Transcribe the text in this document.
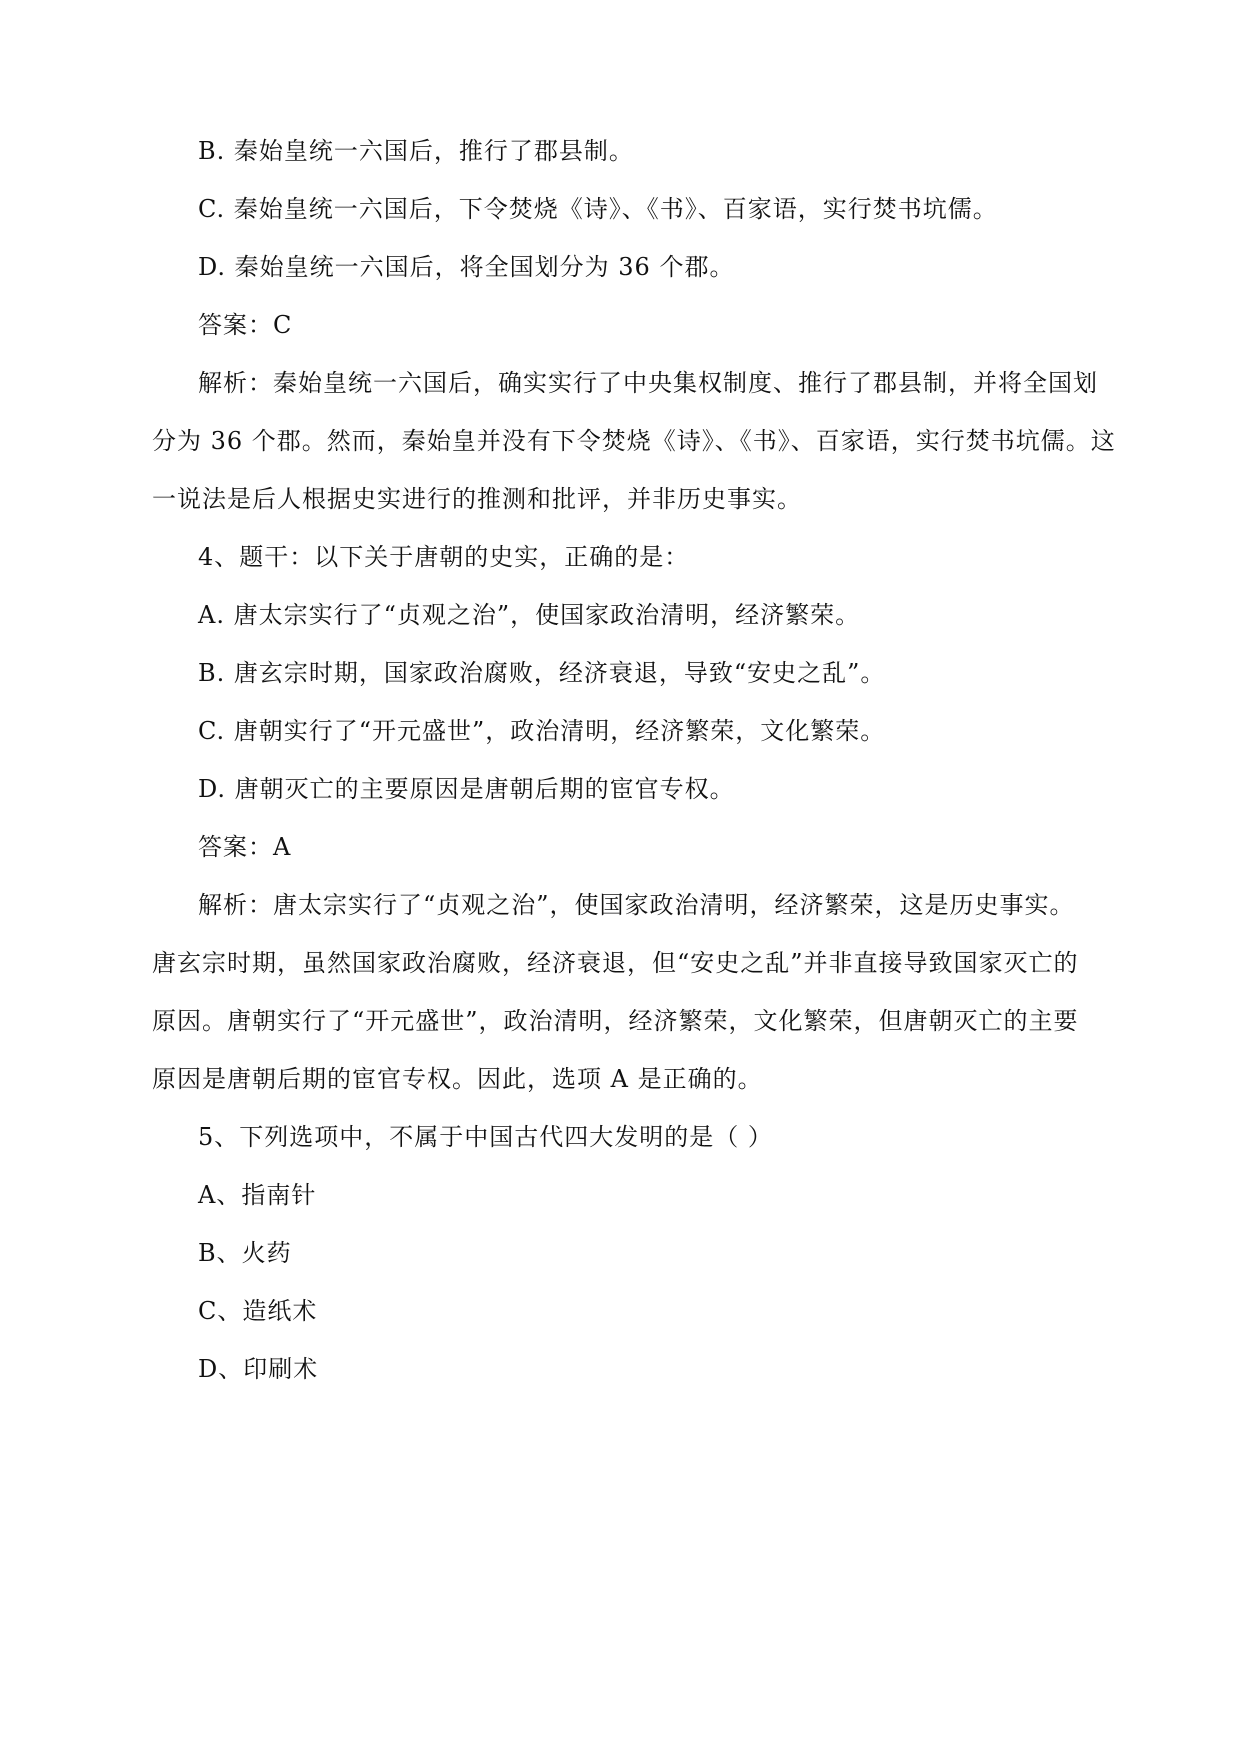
B. 秦始皇统一六国后，推行了郡县制。
C. 秦始皇统一六国后，下令焚烧《诗》、《书》、百家语，实行焚书坑儒。
D. 秦始皇统一六国后，将全国划分为 36 个郡。
答案：C
解析：秦始皇统一六国后，确实实行了中央集权制度、推行了郡县制，并将全国划
分为 36 个郡。然而，秦始皇并没有下令焚烧《诗》、《书》、百家语，实行焚书坑儒。这
一说法是后人根据史实进行的推测和批评，并非历史事实。
4、题干：以下关于唐朝的史实，正确的是：
A. 唐太宗实行了“贞观之治”，使国家政治清明，经济繁荣。
B. 唐玄宗时期，国家政治腐败，经济衰退，导致“安史之乱”。
C. 唐朝实行了“开元盛世”，政治清明，经济繁荣，文化繁荣。
D. 唐朝灭亡的主要原因是唐朝后期的宦官专权。
答案：A
解析：唐太宗实行了“贞观之治”，使国家政治清明，经济繁荣，这是历史事实。
唐玄宗时期，虽然国家政治腐败，经济衰退，但“安史之乱”并非直接导致国家灭亡的
原因。唐朝实行了“开元盛世”，政治清明，经济繁荣，文化繁荣，但唐朝灭亡的主要
原因是唐朝后期的宦官专权。因此，选项 A 是正确的。
5、下列选项中，不属于中国古代四大发明的是（ ）
A、指南针
B、火药
C、造纸术
D、印刷术
